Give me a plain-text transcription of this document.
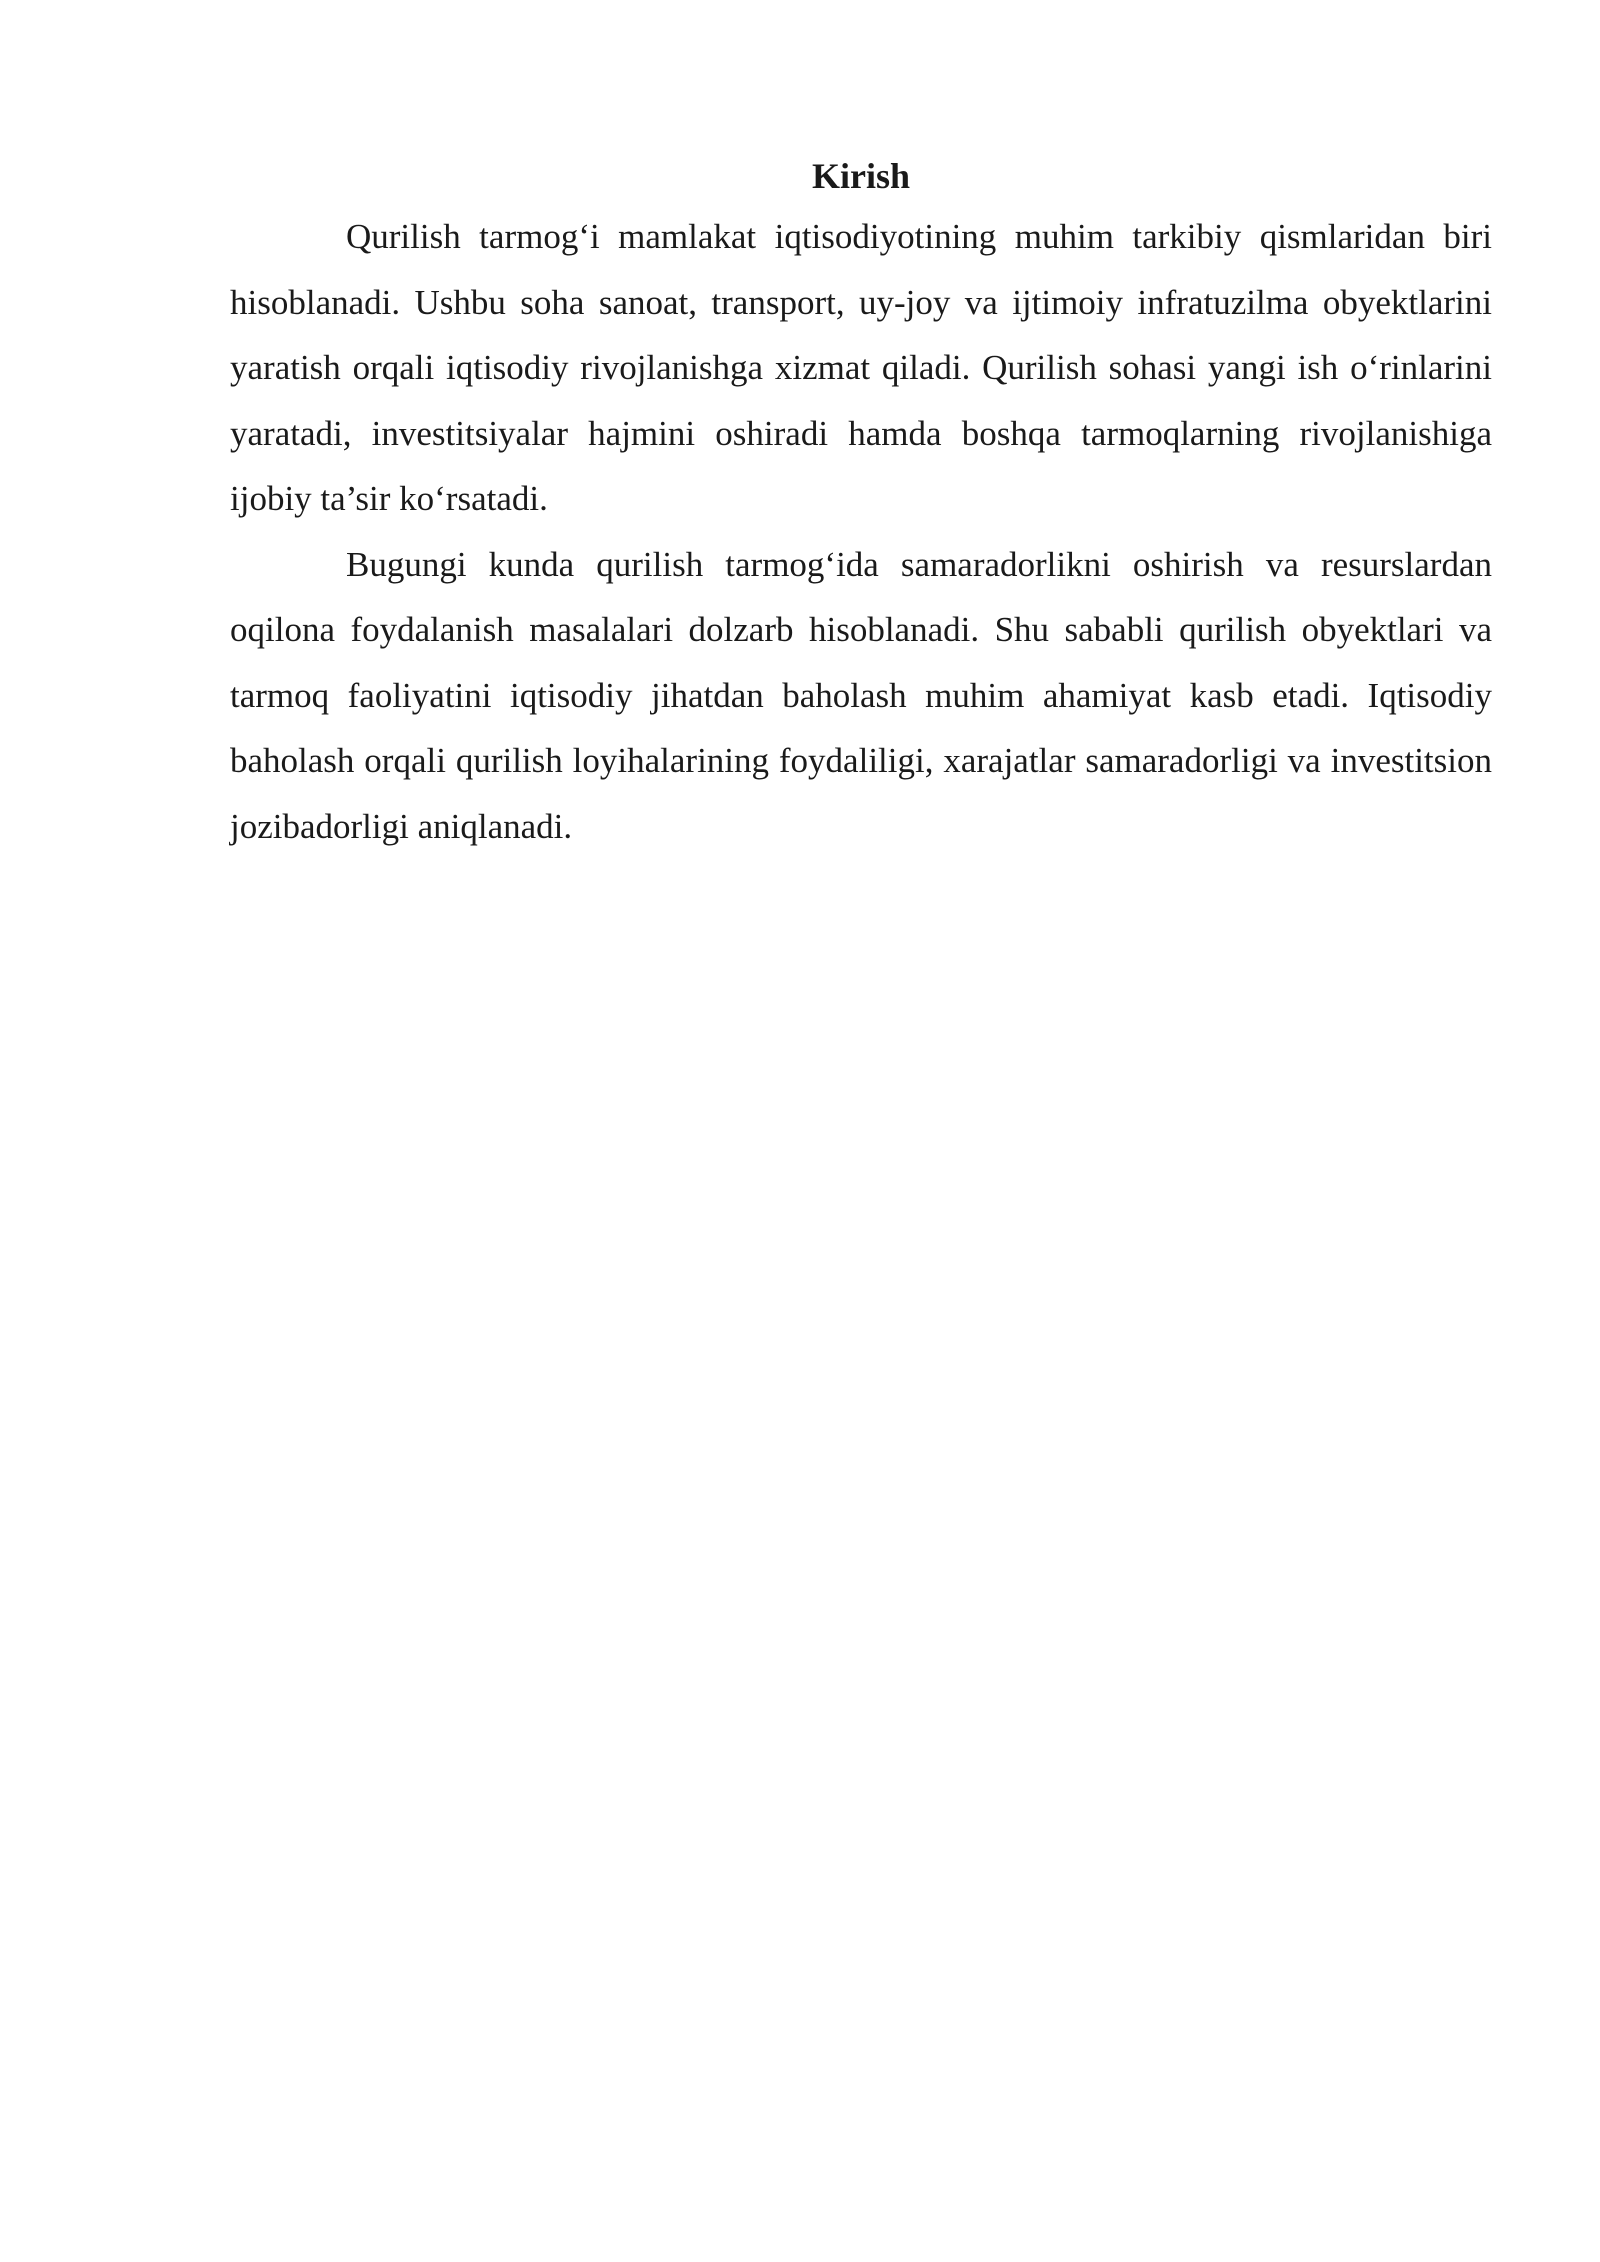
Kirish

Qurilish tarmog‘i mamlakat iqtisodiyotining muhim tarkibiy qismlaridan biri hisoblanadi. Ushbu soha sanoat, transport, uy-joy va ijtimoiy infratuzilma obyektlarini yaratish orqali iqtisodiy rivojlanishga xizmat qiladi. Qurilish sohasi yangi ish o‘rinlarini yaratadi, investitsiyalar hajmini oshiradi hamda boshqa tarmoqlarning rivojlanishiga ijobiy ta’sir ko‘rsatadi.

Bugungi kunda qurilish tarmog‘ida samaradorlikni oshirish va resurslardan oqilona foydalanish masalalari dolzarb hisoblanadi. Shu sababli qurilish obyektlari va tarmoq faoliyatini iqtisodiy jihatdan baholash muhim ahamiyat kasb etadi. Iqtisodiy baholash orqali qurilish loyihalarining foydaliligi, xarajatlar samaradorligi va investitsion jozibadorligi aniqlanadi.
